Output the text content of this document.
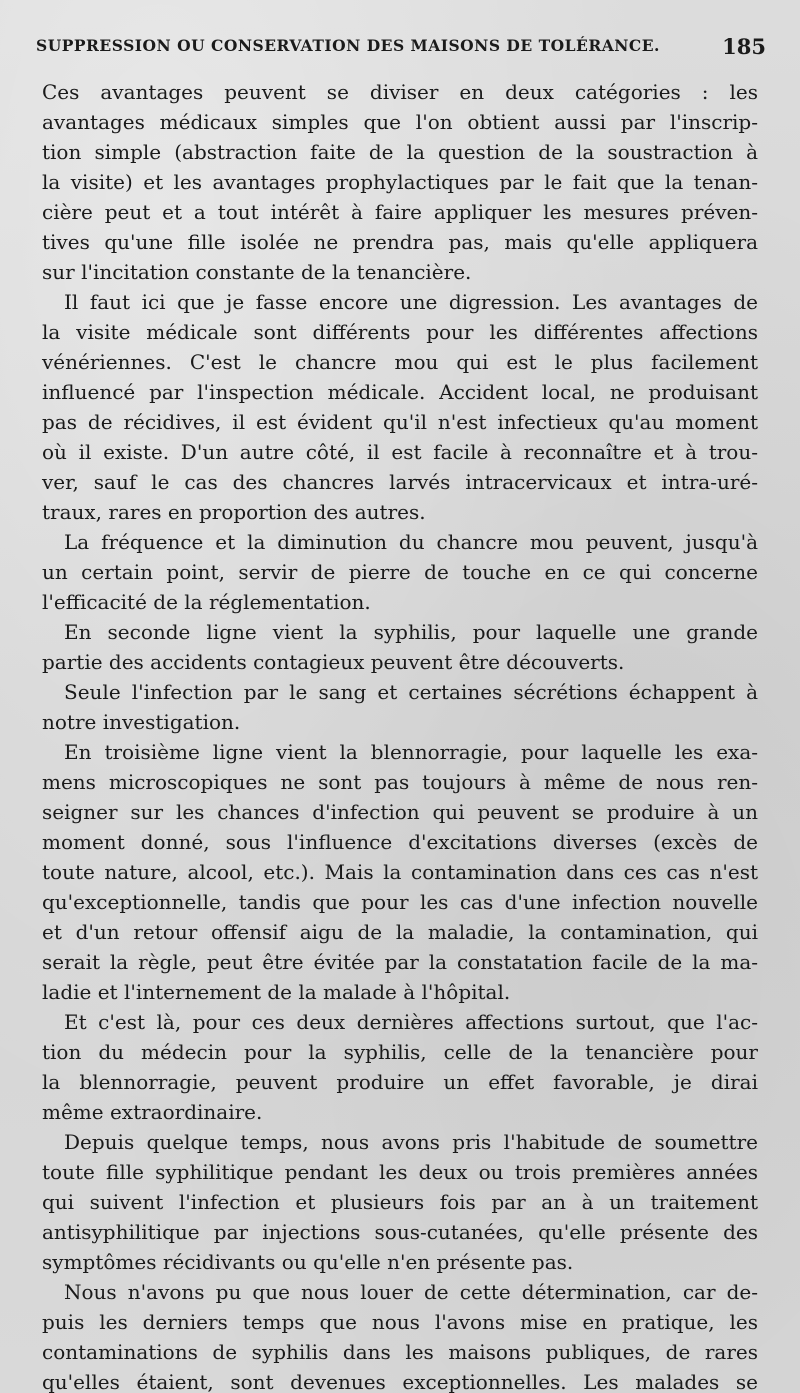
SUPPRESSION OU CONSERVATION DES MAISONS DE TOLÉRANCE.	185
Ces avantages peuvent se diviser en deux catégories : les
avantages médicaux simples que l'on obtient aussi par l'inscrip-
tion simple (abstraction faite de la question de la soustraction à
la visite) et les avantages prophylactiques par le fait que la tenan-
cière peut et a tout intérêt à faire appliquer les mesures préven-
tives qu'une fille isolée ne prendra pas, mais qu'elle appliquera
sur l'incitation constante de la tenancière.
Il faut ici que je fasse encore une digression. Les avantages de
la visite médicale sont différents pour les différentes affections
vénériennes. C'est le chancre mou qui est le plus facilement
influencé par l'inspection médicale. Accident local, ne produisant
pas de récidives, il est évident qu'il n'est infectieux qu'au moment
où il existe. D'un autre côté, il est facile à reconnaître et à trou-
ver, sauf le cas des chancres larvés intracervicaux et intra-uré-
traux, rares en proportion des autres.
La fréquence et la diminution du chancre mou peuvent, jusqu'à
un certain point, servir de pierre de touche en ce qui concerne
l'efficacité de la réglementation.
En seconde ligne vient la syphilis, pour laquelle une grande
partie des accidents contagieux peuvent être découverts.
Seule l'infection par le sang et certaines sécrétions échappent à
notre investigation.
En troisième ligne vient la blennorragie, pour laquelle les exa-
mens microscopiques ne sont pas toujours à même de nous ren-
seigner sur les chances d'infection qui peuvent se produire à un
moment donné, sous l'influence d'excitations diverses (excès de
toute nature, alcool, etc.). Mais la contamination dans ces cas n'est
qu'exceptionnelle, tandis que pour les cas d'une infection nouvelle
et d'un retour offensif aigu de la maladie, la contamination, qui
serait la règle, peut être évitée par la constatation facile de la ma-
ladie et l'internement de la malade à l'hôpital.
Et c'est là, pour ces deux dernières affections surtout, que l'ac-
tion du médecin pour la syphilis, celle de la tenancière pour
la blennorragie, peuvent produire un effet favorable, je dirai
même extraordinaire.
Depuis quelque temps, nous avons pris l'habitude de soumettre
toute fille syphilitique pendant les deux ou trois premières années
qui suivent l'infection et plusieurs fois par an à un traitement
antisyphilitique par injections sous-cutanées, qu'elle présente des
symptômes récidivants ou qu'elle n'en présente pas.
Nous n'avons pu que nous louer de cette détermination, car de-
puis les derniers temps que nous l'avons mise en pratique, les
contaminations de syphilis dans les maisons publiques, de rares
qu'elles étaient, sont devenues exceptionnelles. Les malades se
